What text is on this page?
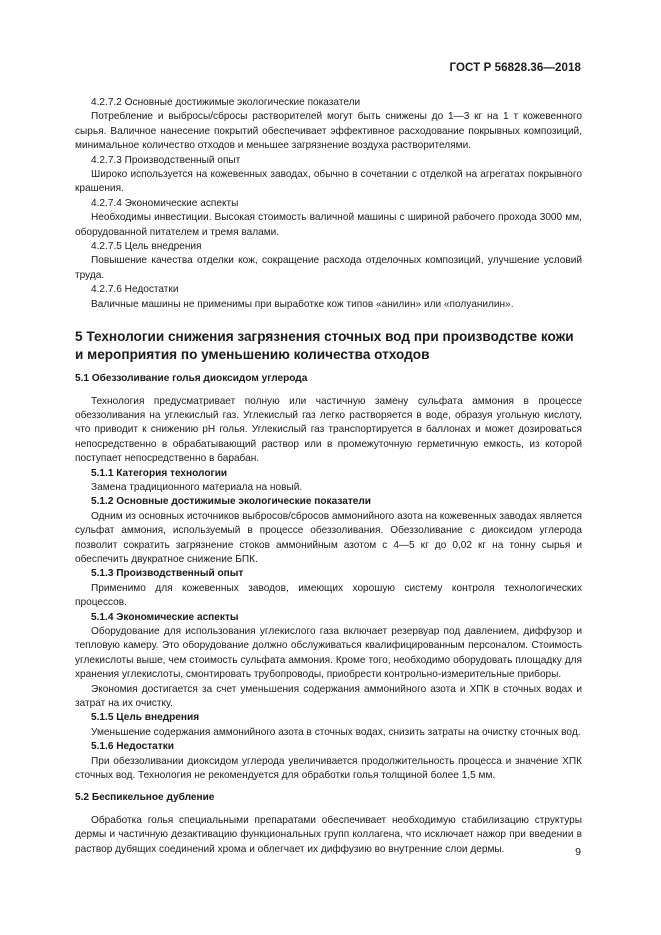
ГОСТ Р 56828.36—2018

4.2.7.2 Основные достижимые экологические показатели

Потребление и выбросы/сбросы растворителей могут быть снижены до 1—3 кг на 1 т кожевенного сырья. Валичное нанесение покрытий обеспечивает эффективное расходование покрывных композиций, минимальное количество отходов и меньшее загрязнение воздуха растворителями.

4.2.7.3 Производственный опыт

Широко используется на кожевенных заводах, обычно в сочетании с отделкой на агрегатах покрывного крашения.

4.2.7.4 Экономические аспекты

Необходимы инвестиции. Высокая стоимость валичной машины с шириной рабочего прохода 3000 мм, оборудованной питателем и тремя валами.

4.2.7.5 Цель внедрения

Повышение качества отделки кож, сокращение расхода отделочных композиций, улучшение условий труда.

4.2.7.6 Недостатки

Валичные машины не применимы при выработке кож типов «анилин» или «полуанилин».

5 Технологии снижения загрязнения сточных вод при производстве кожи и мероприятия по уменьшению количества отходов

5.1 Обеззоливание голья диоксидом углерода

Технология предусматривает полную или частичную замену сульфата аммония в процессе обеззоливания на углекислый газ. Углекислый газ легко растворяется в воде, образуя угольную кислоту, что приводит к снижению pH голья. Углекислый газ транспортируется в баллонах и может дозироваться непосредственно в обрабатывающий раствор или в промежуточную герметичную емкость, из которой поступает непосредственно в барабан.

5.1.1 Категория технологии

Замена традиционного материала на новый.

5.1.2 Основные достижимые экологические показатели

Одним из основных источников выбросов/сбросов аммонийного азота на кожевенных заводах является сульфат аммония, используемый в процессе обеззоливания. Обеззоливание с диоксидом углерода позволит сократить загрязнение стоков аммонийным азотом с 4—5 кг до 0,02 кг на тонну сырья и обеспечить двукратное снижение БПК.

5.1.3 Производственный опыт

Применимо для кожевенных заводов, имеющих хорошую систему контроля технологических процессов.

5.1.4 Экономические аспекты

Оборудование для использования углекислого газа включает резервуар под давлением, диффузор и тепловую камеру. Это оборудование должно обслуживаться квалифицированным персоналом. Стоимость углекислоты выше, чем стоимость сульфата аммония. Кроме того, необходимо оборудовать площадку для хранения углекислоты, смонтировать трубопроводы, приобрести контрольно-измерительные приборы.

Экономия достигается за счет уменьшения содержания аммонийного азота и ХПК в сточных водах и затрат на их очистку.

5.1.5 Цель внедрения

Уменьшение содержания аммонийного азота в сточных водах, снизить затраты на очистку сточных вод.

5.1.6 Недостатки

При обеззоливании диоксидом углерода увеличивается продолжительность процесса и значение ХПК сточных вод. Технология не рекомендуется для обработки голья толщиной более 1,5 мм.

5.2 Беспикельное дубление

Обработка голья специальными препаратами обеспечивает необходимую стабилизацию структуры дермы и частичную дезактивацию функциональных групп коллагена, что исключает нажор при введении в раствор дубящих соединений хрома и облегчает их диффузию во внутренние слои дермы.	9
